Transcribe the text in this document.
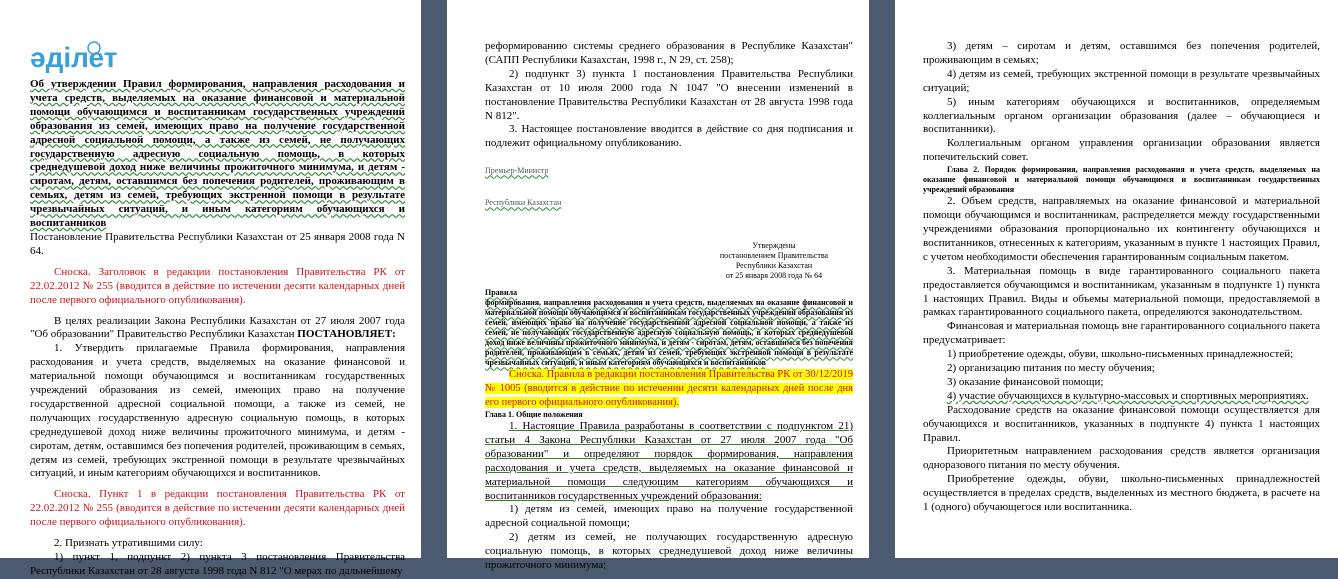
әділет

Об утверждении Правил формирования, направления расходования и учета средств, выделяемых на оказание финансовой и материальной помощи обучающимся и воспитанникам государственных учреждений образования из семей, имеющих право на получение государственной адресной социальной помощи, а также из семей, не получающих государственную адресную социальную помощь, в которых среднедушевой доход ниже величины прожиточного минимума, и детям - сиротам, детям, оставшимся без попечения родителей, проживающим в семьях, детям из семей, требующих экстренной помощи в результате чрезвычайных ситуаций, и иным категориям обучающихся и воспитанников

Постановление Правительства Республики Казахстан от 25 января 2008 года N 64.

Сноска. Заголовок в редакции постановления Правительства РК от 22.02.2012 № 255 (вводится в действие по истечении десяти календарных дней после первого официального опубликования).

В целях реализации Закона Республики Казахстан от 27 июля 2007 года "Об образовании" Правительство Республики Казахстан ПОСТАНОВЛЯЕТ:

1. Утвердить прилагаемые Правила формирования, направления расходования и учета средств, выделяемых на оказание финансовой и материальной помощи обучающимся и воспитанникам государственных учреждений образования из семей, имеющих право на получение государственной адресной социальной помощи, а также из семей, не получающих государственную адресную социальную помощь, в которых среднедушевой доход ниже величины прожиточного минимума, и детям - сиротам, детям, оставшимся без попечения родителей, проживающим в семьях, детям из семей, требующих экстренной помощи в результате чрезвычайных ситуаций, и иным категориям обучающихся и воспитанников.

Сноска. Пункт 1 в редакции постановления Правительства РК от 22.02.2012 № 255 (вводится в действие по истечении десяти календарных дней после первого официального опубликования).

2. Признать утратившими силу:

1) пункт 1, подпункт 2) пункта 3 постановления Правительства Республики Казахстан от 28 августа 1998 года N 812 "О мерах по дальнейшему

реформированию системы среднего образования в Республике Казахстан" (САПП Республики Казахстан, 1998 г., N 29, ст. 258);

2) подпункт 3) пункта 1 постановления Правительства Республики Казахстан от 10 июля 2000 года N 1047 "О внесении изменений в постановление Правительства Республики Казахстан от 28 августа 1998 года N 812".

3. Настоящее постановление вводится в действие со дня подписания и подлежит официальному опубликованию.

Премьер-Министр

Республики Казахстан

Утверждены
постановлением Правительства
Республики Казахстан
от 25 января 2008 года № 64

Правила

формирования, направления расходования и учета средств, выделяемых на оказание финансовой и материальной помощи обучающимся и воспитанникам государственных учреждений образования из семей, имеющих право на получение государственной адресной социальной помощи, а также из семей, не получающих государственную адресную социальную помощь, в которых среднедушевой доход ниже величины прожиточного минимума, и детям - сиротам, детям, оставшимся без попечения родителей, проживающим в семьях, детям из семей, требующих экстренной помощи в результате чрезвычайных ситуаций, и иным категориям обучающихся и воспитанников

Сноска. Правила в редакции постановления Правительства РК от 30/12/2019 № 1005 (вводится в действие по истечении десяти календарных дней после дня его первого официального опубликования).

Глава 1. Общие положения

1. Настоящие Правила разработаны в соответствии с подпунктом 21) статьи 4 Закона Республики Казахстан от 27 июля 2007 года "Об образовании" и определяют порядок формирования, направления расходования и учета средств, выделяемых на оказание финансовой и материальной помощи следующим категориям обучающихся и воспитанников государственных учреждений образования:

1) детям из семей, имеющих право на получение государственной адресной социальной помощи;

2) детям из семей, не получающих государственную адресную социальную помощь, в которых среднедушевой доход ниже величины прожиточного минимума;

3) детям – сиротам и детям, оставшимся без попечения родителей, проживающим в семьях;

4) детям из семей, требующих экстренной помощи в результате чрезвычайных ситуаций;

5) иным категориям обучающихся и воспитанников, определяемым коллегиальным органом организации образования (далее – обучающиеся и воспитанники).

Коллегиальным органом управления организации образования является попечительский совет.

Глава 2. Порядок формирования, направления расходования и учета средств, выделяемых на оказание финансовой и материальной помощи обучающимся и воспитанникам государственных учреждений образования

2. Объем средств, направляемых на оказание финансовой и материальной помощи обучающимся и воспитанникам, распределяется между государственными учреждениями образования пропорционально их контингенту обучающихся и воспитанников, отнесенных к категориям, указанным в пункте 1 настоящих Правил, с учетом необходимости обеспечения гарантированным социальным пакетом.

3. Материальная помощь в виде гарантированного социального пакета предоставляется обучающимся и воспитанникам, указанным в подпункте 1) пункта 1 настоящих Правил. Виды и объемы материальной помощи, предоставляемой в рамках гарантированного социального пакета, определяются законодательством.

Финансовая и материальная помощь вне гарантированного социального пакета предусматривает:

1) приобретение одежды, обуви, школьно-письменных принадлежностей;

2) организацию питания по месту обучения;

3) оказание финансовой помощи;

4) участие обучающихся в культурно-массовых и спортивных мероприятиях.

Расходование средств на оказание финансовой помощи осуществляется для обучающихся и воспитанников, указанных в подпункте 4) пункта 1 настоящих Правил.

Приоритетным направлением расходования средств является организация одноразового питания по месту обучения.

Приобретение одежды, обуви, школьно-письменных принадлежностей осуществляется в пределах средств, выделенных из местного бюджета, в расчете на 1 (одного) обучающегося или воспитанника.
